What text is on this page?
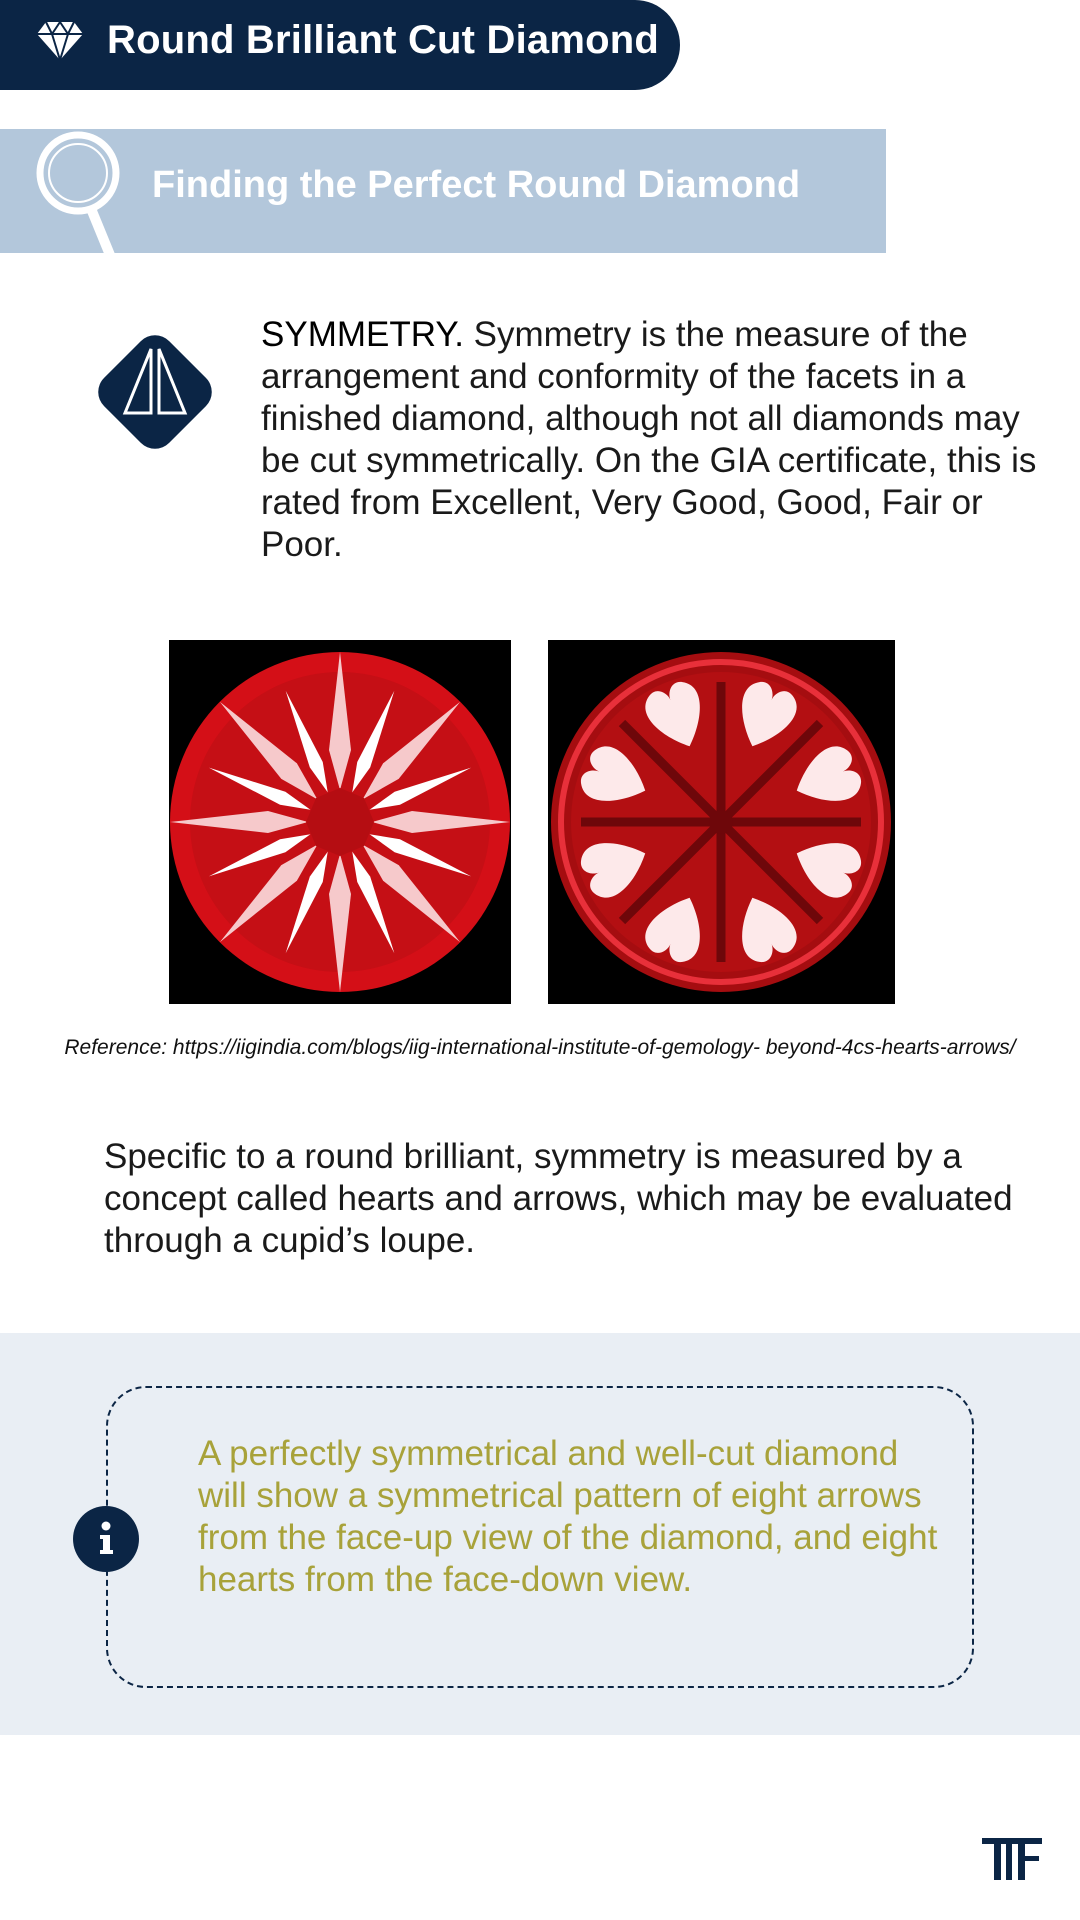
Round Brilliant Cut Diamond
Finding the Perfect Round Diamond

SYMMETRY. Symmetry is the measure of the arrangement and conformity of the facets in a finished diamond, although not all diamonds may be cut symmetrically. On the GIA certificate, this is rated from Excellent, Very Good, Good, Fair or Poor.

Reference: https://iigindia.com/blogs/iig-international-institute-of-gemology- beyond-4cs-hearts-arrows/

Specific to a round brilliant, symmetry is measured by a concept called hearts and arrows, which may be evaluated through a cupid’s loupe.

A perfectly symmetrical and well-cut diamond will show a symmetrical pattern of eight arrows from the face-up view of the diamond, and eight hearts from the face-down view.
